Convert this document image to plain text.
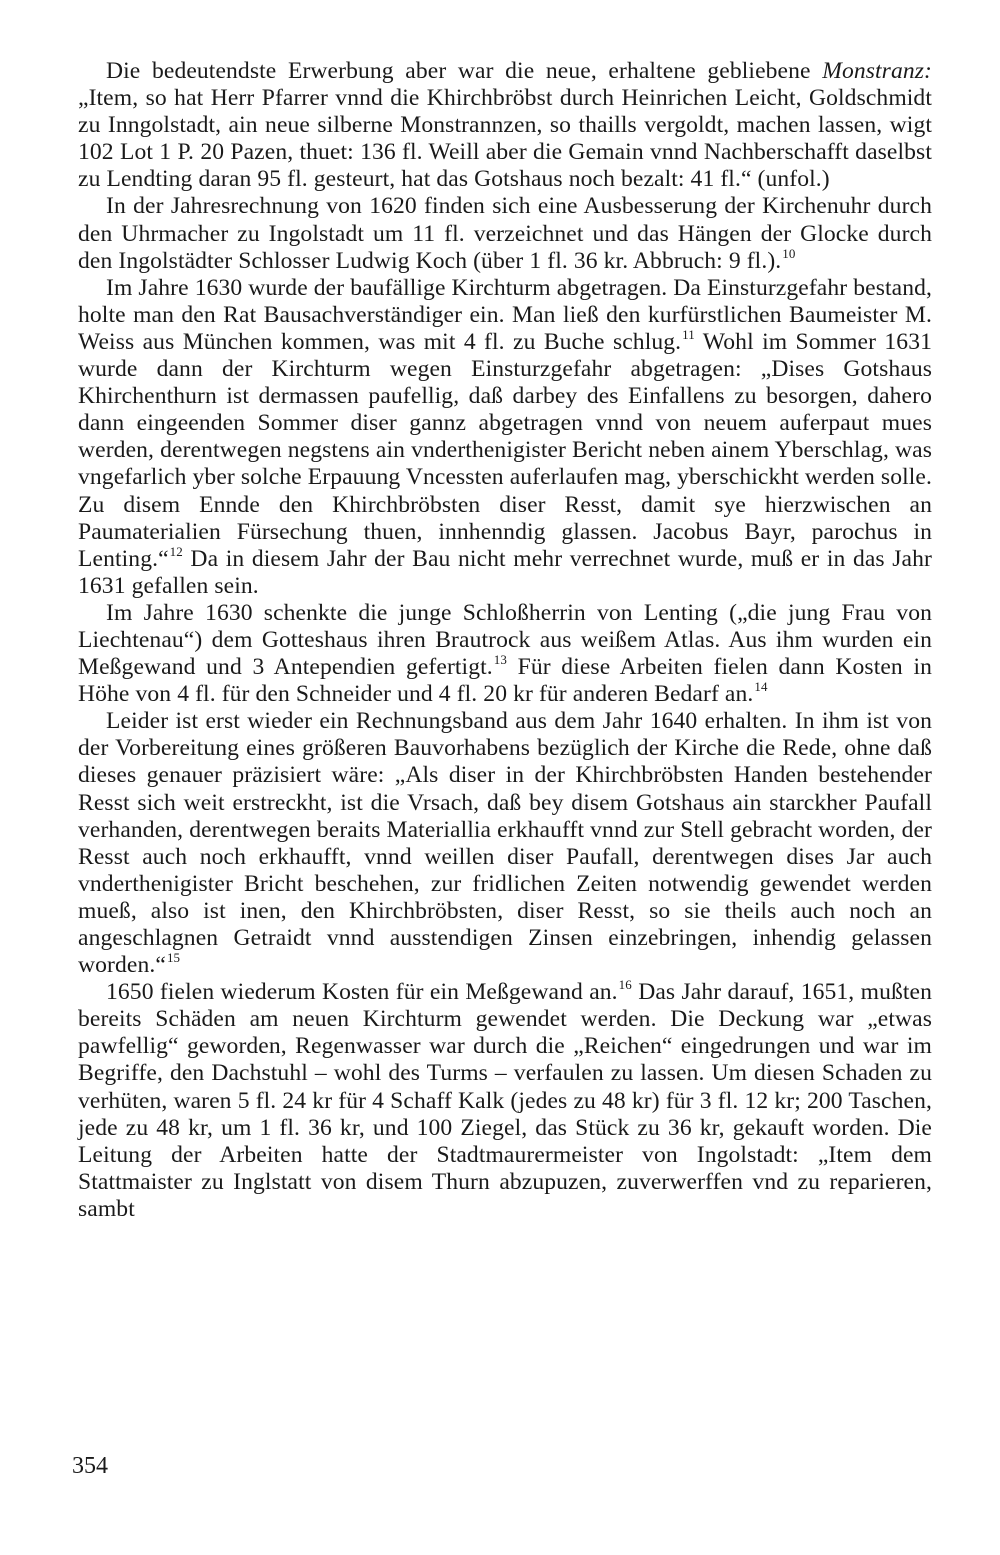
Die bedeutendste Erwerbung aber war die neue, erhaltene gebliebene Monstranz: „Item, so hat Herr Pfarrer vnnd die Khirchbröbst durch Heinrichen Leicht, Goldschmidt zu Inngolstadt, ain neue silberne Monstrannzen, so thaills vergoldt, machen lassen, wigt 102 Lot 1 P. 20 Pazen, thuet: 136 fl. Weill aber die Gemain vnnd Nachberschafft daselbst zu Lendting daran 95 fl. gesteurt, hat das Gotshaus noch bezalt: 41 fl.“ (unfol.)

In der Jahresrechnung von 1620 finden sich eine Ausbesserung der Kirchenuhr durch den Uhrmacher zu Ingolstadt um 11 fl. verzeichnet und das Hängen der Glocke durch den Ingolstädter Schlosser Ludwig Koch (über 1 fl. 36 kr. Abbruch: 9 fl.).$^{10}$

Im Jahre 1630 wurde der baufällige Kirchturm abgetragen. Da Einsturzgefahr bestand, holte man den Rat Bausachverständiger ein. Man ließ den kurfürstlichen Baumeister M. Weiss aus München kommen, was mit 4 fl. zu Buche schlug.$^{11}$ Wohl im Sommer 1631 wurde dann der Kirchturm wegen Einsturzgefahr abgetragen: „Dises Gotshaus Khirchenthurn ist dermassen paufellig, daß darbey des Einfallens zu besorgen, dahero dann eingeenden Sommer diser gannz abgetragen vnnd von neuem auferpaut mues werden, derentwegen negstens ain vnderthenigister Bericht neben ainem Yberschlag, was vngefarlich yber solche Erpauung Vncessten auferlaufen mag, yberschickht werden solle. Zu disem Ennde den Khirchbröbsten diser Resst, damit sye hierzwischen an Paumaterialien Fürsechung thuen, innhenndig glassen. Jacobus Bayr, parochus in Lenting.“$^{12}$ Da in diesem Jahr der Bau nicht mehr verrechnet wurde, muß er in das Jahr 1631 gefallen sein.

Im Jahre 1630 schenkte die junge Schloßherrin von Lenting („die jung Frau von Liechtenau“) dem Gotteshaus ihren Brautrock aus weißem Atlas. Aus ihm wurden ein Meßgewand und 3 Antependien gefertigt.$^{13}$ Für diese Arbeiten fielen dann Kosten in Höhe von 4 fl. für den Schneider und 4 fl. 20 kr für anderen Bedarf an.$^{14}$

Leider ist erst wieder ein Rechnungsband aus dem Jahr 1640 erhalten. In ihm ist von der Vorbereitung eines größeren Bauvorhabens bezüglich der Kirche die Rede, ohne daß dieses genauer präzisiert wäre: „Als diser in der Khirchbröbsten Handen bestehender Resst sich weit erstreckht, ist die Vrsach, daß bey disem Gotshaus ain starckher Paufall verhanden, derentwegen beraits Materiallia erkhaufft vnnd zur Stell gebracht worden, der Resst auch noch erkhaufft, vnnd weillen diser Paufall, derentwegen dises Jar auch vnderthenigister Bricht beschehen, zur fridlichen Zeiten notwendig gewendet werden mueß, also ist inen, den Khirchbröbsten, diser Resst, so sie theils auch noch an angeschlagnen Getraidt vnnd ausstendigen Zinsen einzebringen, inhendig gelassen worden.“$^{15}$

1650 fielen wiederum Kosten für ein Meßgewand an.$^{16}$ Das Jahr darauf, 1651, mußten bereits Schäden am neuen Kirchturm gewendet werden. Die Deckung war „etwas pawfellig“ geworden, Regenwasser war durch die „Reichen“ eingedrungen und war im Begriffe, den Dachstuhl – wohl des Turms – verfaulen zu lassen. Um diesen Schaden zu verhüten, waren 5 fl. 24 kr für 4 Schaff Kalk (jedes zu 48 kr) für 3 fl. 12 kr; 200 Taschen, jede zu 48 kr, um 1 fl. 36 kr, und 100 Ziegel, das Stück zu 36 kr, gekauft worden. Die Leitung der Arbeiten hatte der Stadtmaurermeister von Ingolstadt: „Item dem Stattmaister zu Inglstatt von disem Thurn abzupuzen, zuverwerffen vnd zu reparieren, sambt

354
